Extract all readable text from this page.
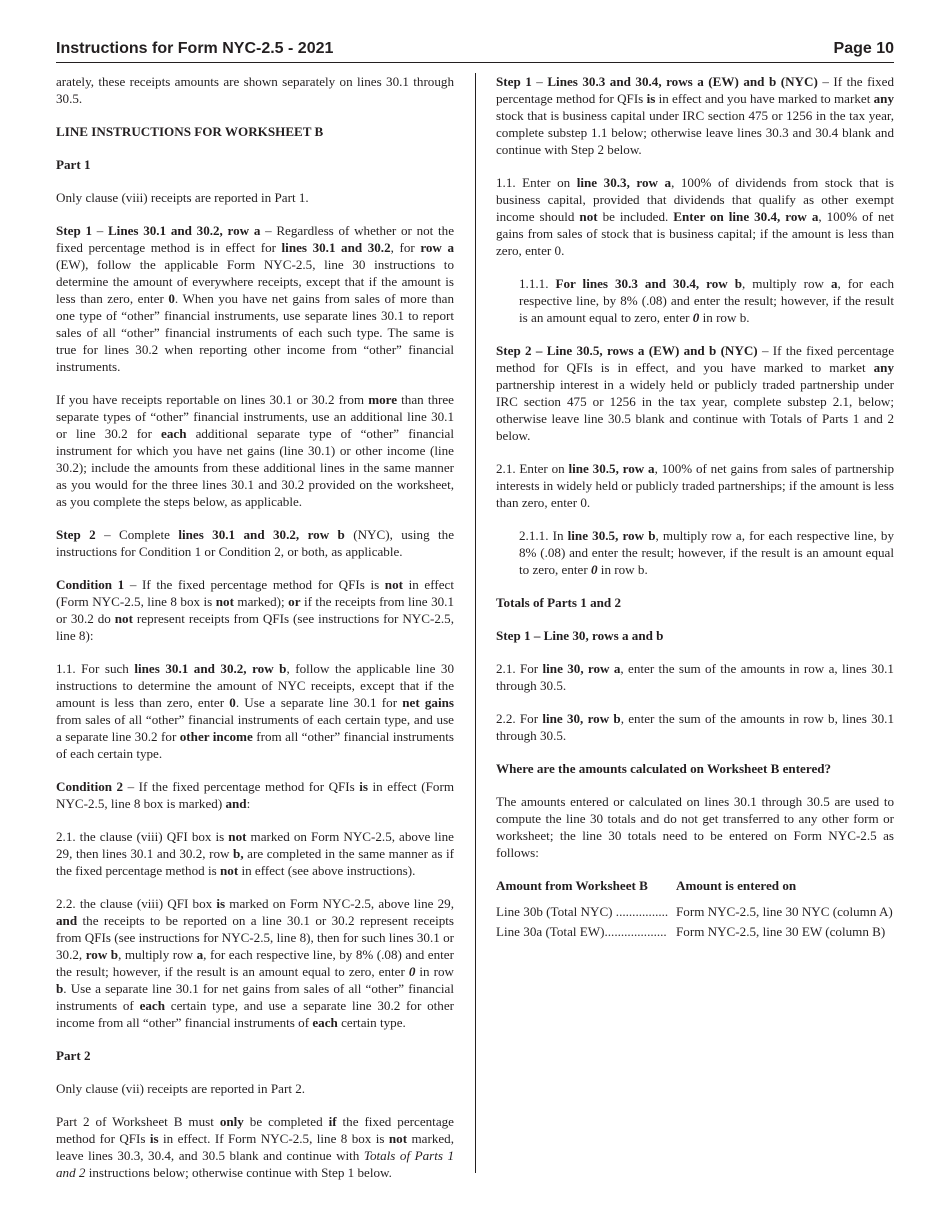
Instructions for Form NYC-2.5 - 2021	Page 10

arately, these receipts amounts are shown separately on lines 30.1 through 30.5.

LINE INSTRUCTIONS FOR WORKSHEET B

Part 1

Only clause (viii) receipts are reported in Part 1.

Step 1 – Lines 30.1 and 30.2, row a – Regardless of whether or not the fixed percentage method is in effect for lines 30.1 and 30.2, for row a (EW), follow the applicable Form NYC-2.5, line 30 instructions to determine the amount of everywhere receipts, except that if the amount is less than zero, enter 0. When you have net gains from sales of more than one type of “other” financial instruments, use separate lines 30.1 to report sales of all “other” financial instruments of each such type. The same is true for lines 30.2 when reporting other income from “other” financial instruments.

If you have receipts reportable on lines 30.1 or 30.2 from more than three separate types of “other” financial instruments, use an additional line 30.1 or line 30.2 for each additional separate type of “other” financial instrument for which you have net gains (line 30.1) or other income (line 30.2); include the amounts from these additional lines in the same manner as you would for the three lines 30.1 and 30.2 provided on the worksheet, as you complete the steps below, as applicable.

Step 2 – Complete lines 30.1 and 30.2, row b (NYC), using the instructions for Condition 1 or Condition 2, or both, as applicable.

Condition 1 – If the fixed percentage method for QFIs is not in effect (Form NYC-2.5, line 8 box is not marked); or if the receipts from line 30.1 or 30.2 do not represent receipts from QFIs (see instructions for NYC-2.5, line 8):

1.1. For such lines 30.1 and 30.2, row b, follow the applicable line 30 instructions to determine the amount of NYC receipts, except that if the amount is less than zero, enter 0. Use a separate line 30.1 for net gains from sales of all “other” financial instruments of each certain type, and use a separate line 30.2 for other income from all “other” financial instruments of each certain type.

Condition 2 – If the fixed percentage method for QFIs is in effect (Form NYC-2.5, line 8 box is marked) and:

2.1. the clause (viii) QFI box is not marked on Form NYC-2.5, above line 29, then lines 30.1 and 30.2, row b, are completed in the same manner as if the fixed percentage method is not in effect (see above instructions).

2.2. the clause (viii) QFI box is marked on Form NYC-2.5, above line 29, and the receipts to be reported on a line 30.1 or 30.2 represent receipts from QFIs (see instructions for NYC-2.5, line 8), then for such lines 30.1 or 30.2, row b, multiply row a, for each respective line, by 8% (.08) and enter the result; however, if the result is an amount equal to zero, enter 0 in row b. Use a separate line 30.1 for net gains from sales of all “other” financial instruments of each certain type, and use a separate line 30.2 for other income from all “other” financial instruments of each certain type.

Part 2

Only clause (vii) receipts are reported in Part 2.

Part 2 of Worksheet B must only be completed if the fixed percentage method for QFIs is in effect. If Form NYC-2.5, line 8 box is not marked, leave lines 30.3, 30.4, and 30.5 blank and continue with Totals of Parts 1 and 2 instructions below; otherwise continue with Step 1 below.

Step 1 – Lines 30.3 and 30.4, rows a (EW) and b (NYC) – If the fixed percentage method for QFIs is in effect and you have marked to market any stock that is business capital under IRC section 475 or 1256 in the tax year, complete substep 1.1 below; otherwise leave lines 30.3 and 30.4 blank and continue with Step 2 below.

1.1. Enter on line 30.3, row a, 100% of dividends from stock that is business capital, provided that dividends that qualify as other exempt income should not be included. Enter on line 30.4, row a, 100% of net gains from sales of stock that is business capital; if the amount is less than zero, enter 0.

1.1.1. For lines 30.3 and 30.4, row b, multiply row a, for each respective line, by 8% (.08) and enter the result; however, if the result is an amount equal to zero, enter 0 in row b.

Step 2 – Line 30.5, rows a (EW) and b (NYC) – If the fixed percentage method for QFIs is in effect, and you have marked to market any partnership interest in a widely held or publicly traded partnership under IRC section 475 or 1256 in the tax year, complete substep 2.1, below; otherwise leave line 30.5 blank and continue with Totals of Parts 1 and 2 below.

2.1. Enter on line 30.5, row a, 100% of net gains from sales of partnership interests in widely held or publicly traded partnerships; if the amount is less than zero, enter 0.

2.1.1. In line 30.5, row b, multiply row a, for each respective line, by 8% (.08) and enter the result; however, if the result is an amount equal to zero, enter 0 in row b.

Totals of Parts 1 and 2

Step 1 – Line 30, rows a and b

2.1. For line 30, row a, enter the sum of the amounts in row a, lines 30.1 through 30.5.

2.2. For line 30, row b, enter the sum of the amounts in row b, lines 30.1 through 30.5.

Where are the amounts calculated on Worksheet B entered?

The amounts entered or calculated on lines 30.1 through 30.5 are used to compute the line 30 totals and do not get transferred to any other form or worksheet; the line 30 totals need to be entered on Form NYC-2.5 as follows:

Amount from Worksheet B	Amount is entered on
Line 30b (Total NYC) ................ Form NYC-2.5, line 30 NYC (column A)
Line 30a (Total EW)................... Form NYC-2.5, line 30 EW (column B)
